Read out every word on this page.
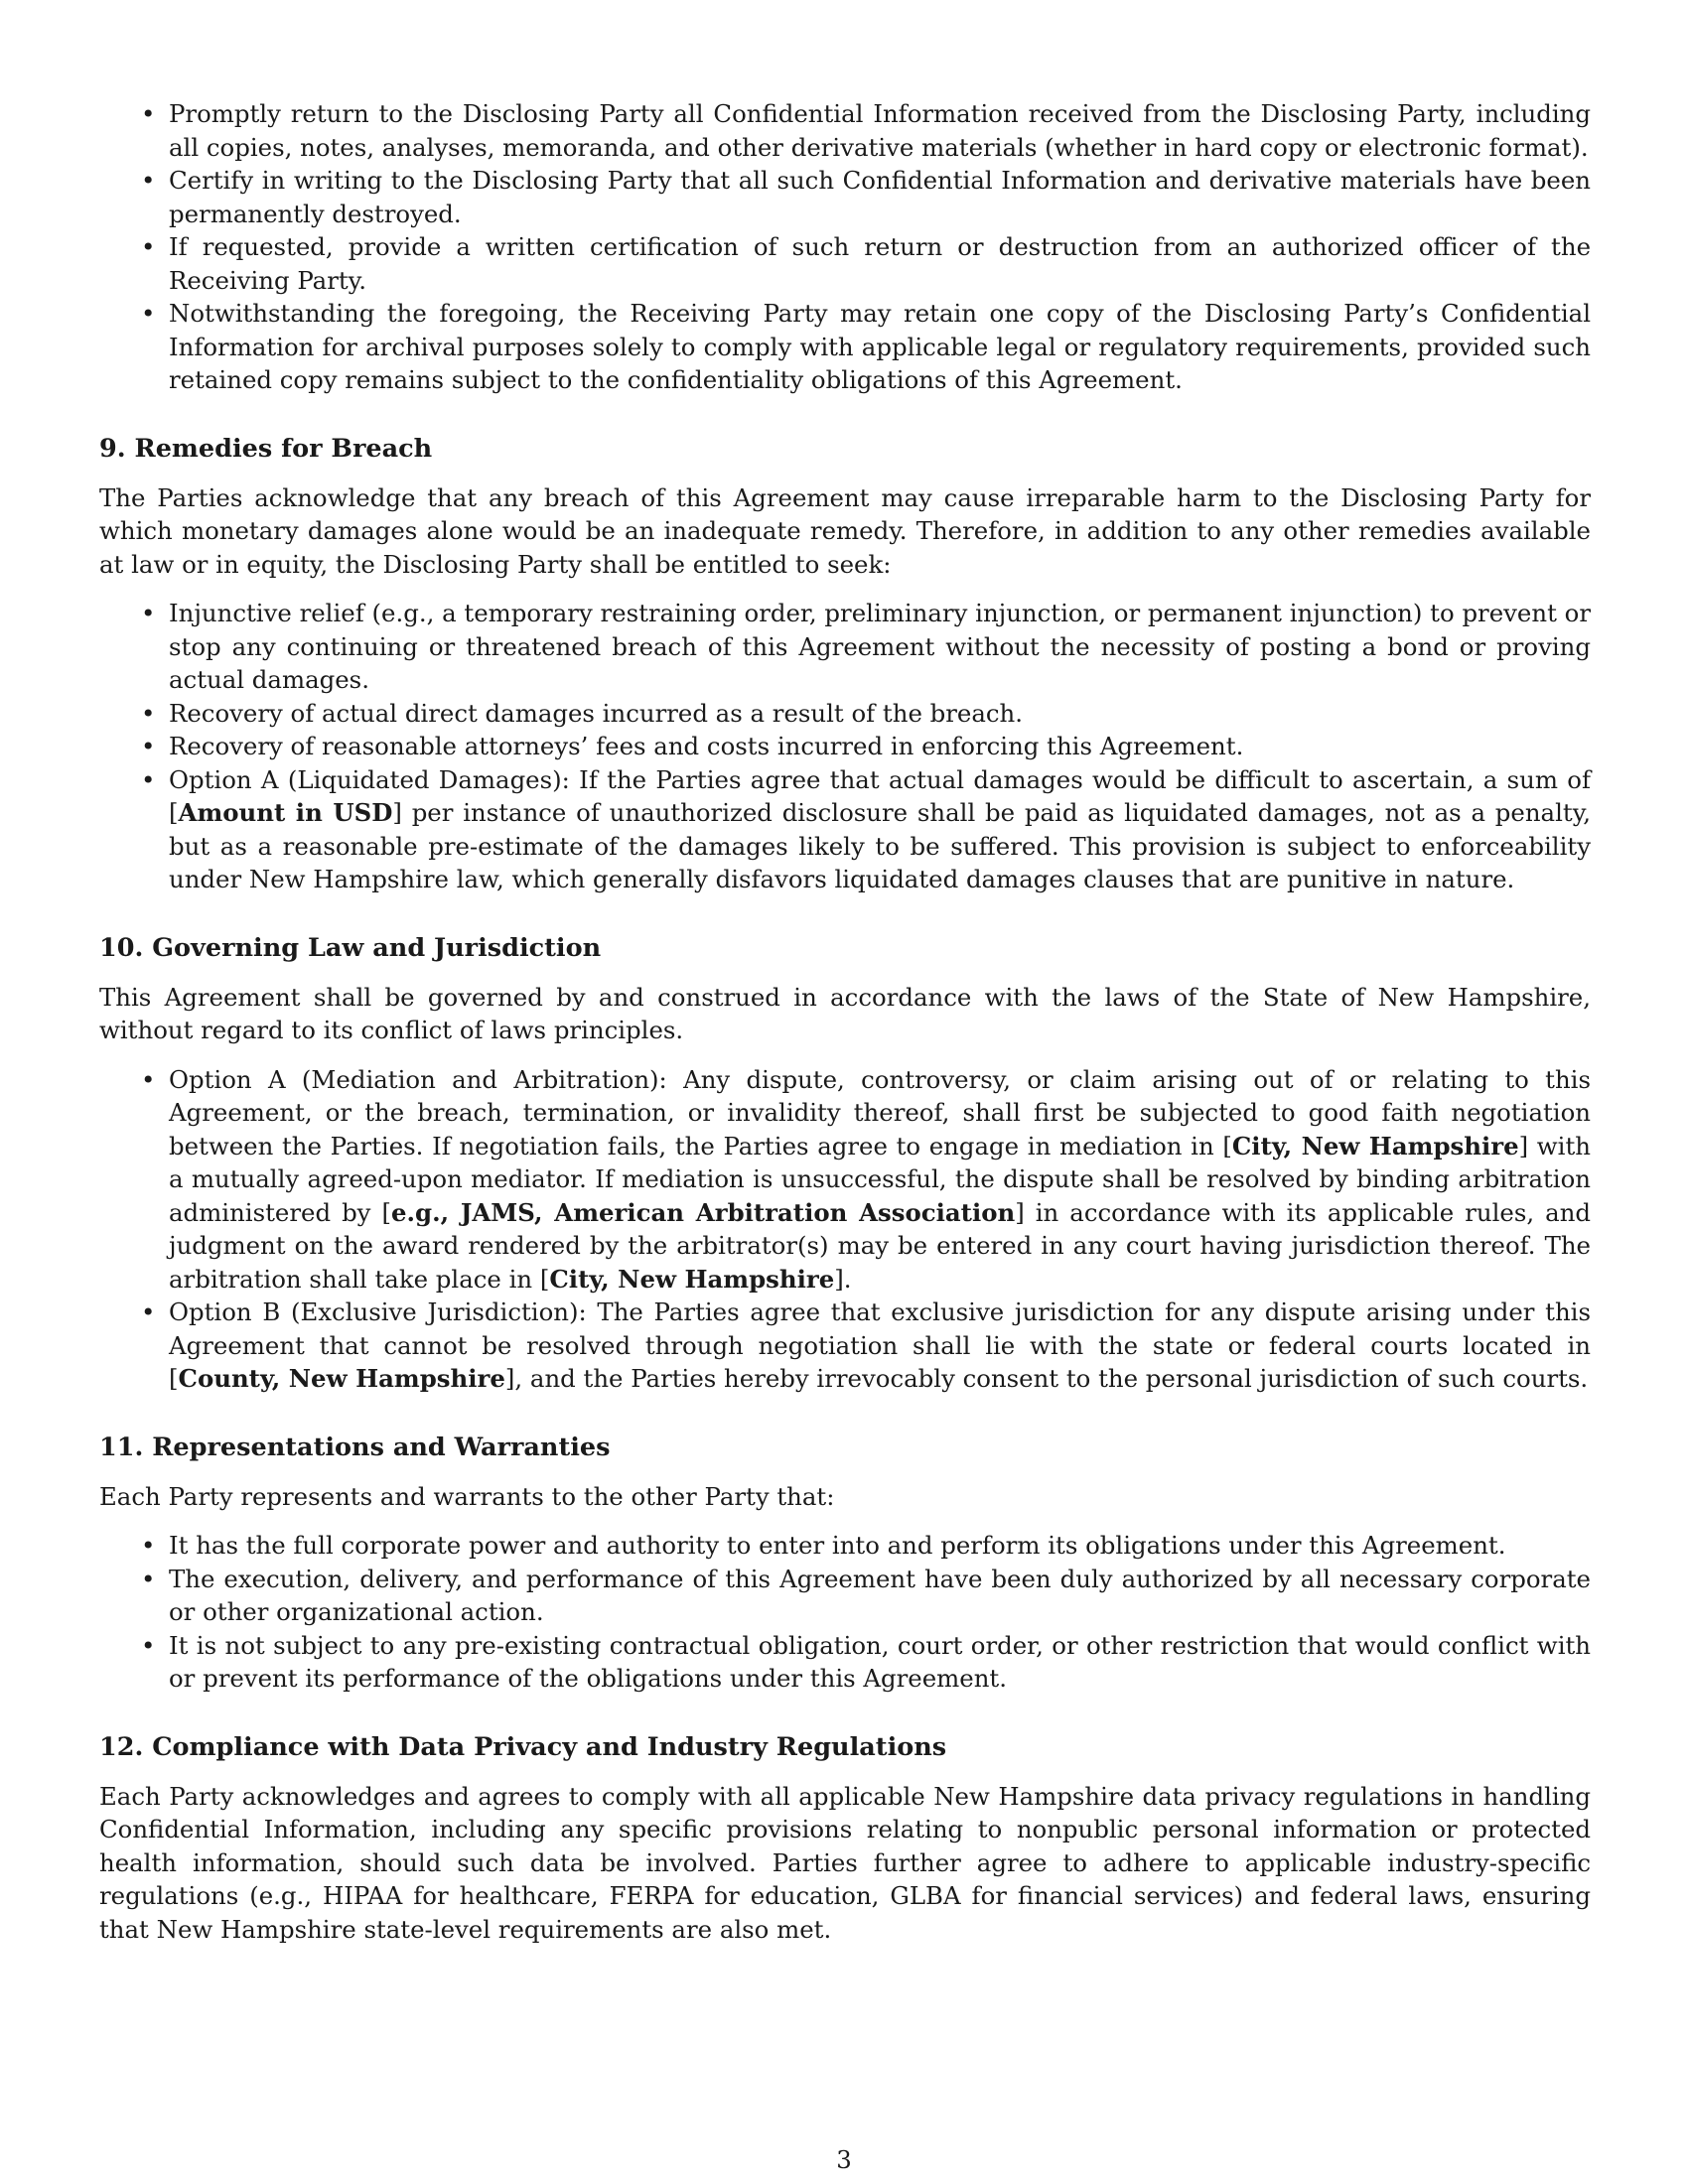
• Promptly return to the Disclosing Party all Confidential Information received from the Disclosing Party, including all copies, notes, analyses, memoranda, and other derivative materials (whether in hard copy or electronic format).
• Certify in writing to the Disclosing Party that all such Confidential Information and derivative materials have been permanently destroyed.
• If requested, provide a written certification of such return or destruction from an authorized officer of the Receiving Party.
• Notwithstanding the foregoing, the Receiving Party may retain one copy of the Disclosing Party’s Confidential Information for archival purposes solely to comply with applicable legal or regulatory requirements, provided such retained copy remains subject to the confidentiality obligations of this Agreement.
9. Remedies for Breach

The Parties acknowledge that any breach of this Agreement may cause irreparable harm to the Disclosing Party for which monetary damages alone would be an inadequate remedy. Therefore, in addition to any other remedies available at law or in equity, the Disclosing Party shall be entitled to seek:

• Injunctive relief (e.g., a temporary restraining order, preliminary injunction, or permanent injunction) to prevent or stop any continuing or threatened breach of this Agreement without the necessity of posting a bond or proving actual damages.
• Recovery of actual direct damages incurred as a result of the breach.
• Recovery of reasonable attorneys’ fees and costs incurred in enforcing this Agreement.
• Option A (Liquidated Damages): If the Parties agree that actual damages would be difficult to ascertain, a sum of [Amount in USD] per instance of unauthorized disclosure shall be paid as liquidated damages, not as a penalty, but as a reasonable pre-estimate of the damages likely to be suffered. This provision is subject to enforceability under New Hampshire law, which generally disfavors liquidated damages clauses that are punitive in nature.
10. Governing Law and Jurisdiction

This Agreement shall be governed by and construed in accordance with the laws of the State of New Hampshire, without regard to its conflict of laws principles.

• Option A (Mediation and Arbitration): Any dispute, controversy, or claim arising out of or relating to this Agreement, or the breach, termination, or invalidity thereof, shall first be subjected to good faith negotiation between the Parties. If negotiation fails, the Parties agree to engage in mediation in [City, New Hampshire] with a mutually agreed-upon mediator. If mediation is unsuccessful, the dispute shall be resolved by binding arbitration administered by [e.g., JAMS, American Arbitration Association] in accordance with its applicable rules, and judgment on the award rendered by the arbitrator(s) may be entered in any court having jurisdiction thereof. The arbitration shall take place in [City, New Hampshire].
• Option B (Exclusive Jurisdiction): The Parties agree that exclusive jurisdiction for any dispute arising under this Agreement that cannot be resolved through negotiation shall lie with the state or federal courts located in [County, New Hampshire], and the Parties hereby irrevocably consent to the personal jurisdiction of such courts.
11. Representations and Warranties

Each Party represents and warrants to the other Party that:

• It has the full corporate power and authority to enter into and perform its obligations under this Agreement.
• The execution, delivery, and performance of this Agreement have been duly authorized by all necessary corporate or other organizational action.
• It is not subject to any pre-existing contractual obligation, court order, or other restriction that would conflict with or prevent its performance of the obligations under this Agreement.
12. Compliance with Data Privacy and Industry Regulations

Each Party acknowledges and agrees to comply with all applicable New Hampshire data privacy regulations in handling Confidential Information, including any specific provisions relating to nonpublic personal information or protected health information, should such data be involved. Parties further agree to adhere to applicable industry-specific regulations (e.g., HIPAA for healthcare, FERPA for education, GLBA for financial services) and federal laws, ensuring that New Hampshire state-level requirements are also met.

3
